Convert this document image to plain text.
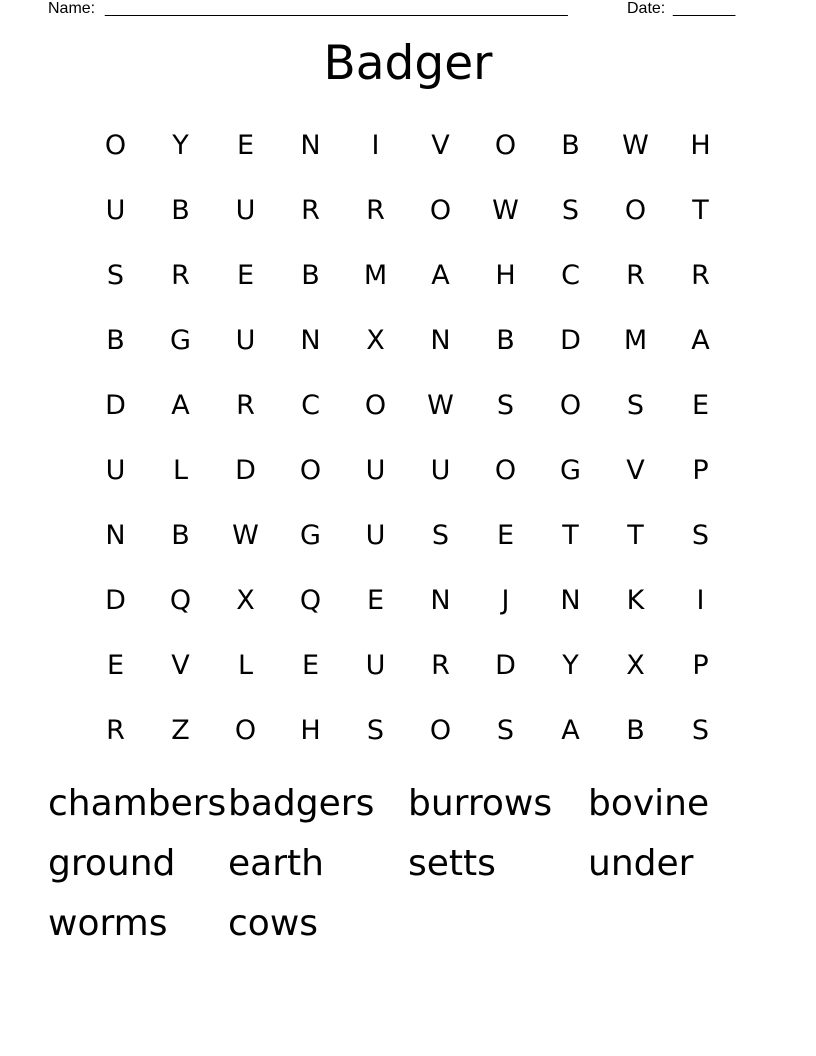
Name: ____________________________________________________	Date: _______
Badger
O	Y	E	N	I	V	O	B	W	H
U	B	U	R	R	O	W	S	O	T
S	R	E	B	M	A	H	C	R	R
B	G	U	N	X	N	B	D	M	A
D	A	R	C	O	W	S	O	S	E
U	L	D	O	U	U	O	G	V	P
N	B	W	G	U	S	E	T	T	S
D	Q	X	Q	E	N	J	N	K	I
E	V	L	E	U	R	D	Y	X	P
R	Z	O	H	S	O	S	A	B	S
chambers badgers burrows bovine
ground	earth	setts	under
worms	cows
